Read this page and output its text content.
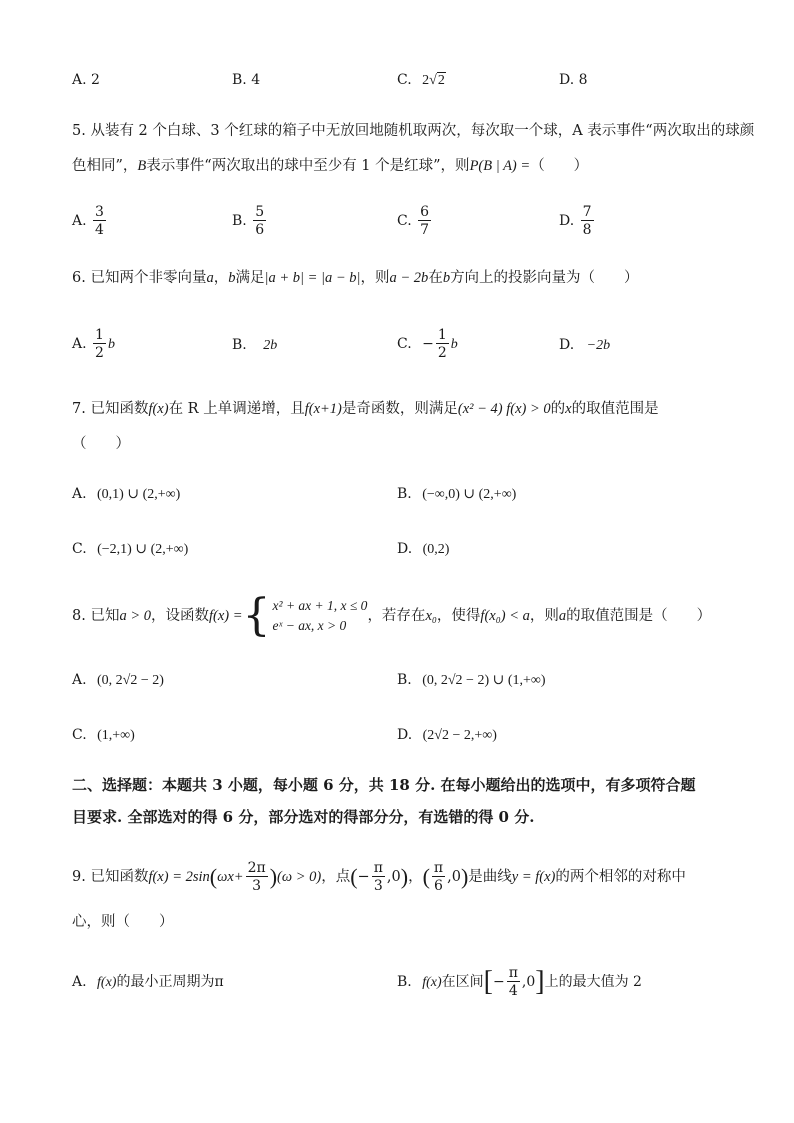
A. 2	B. 4	C. 2√2	D. 8
5. 从装有 2 个白球、3 个红球的箱子中无放回地随机取两次，每次取一个球，A 表示事件“两次取出的球颜
色相同”，B表示事件“两次取出的球中至少有 1 个是红球”，则P(B | A) =（　　）
A. $\frac{3}{4}$	B. $\frac{5}{6}$	C. $\frac{6}{7}$	D. $\frac{7}{8}$
6. 已知两个非零向量a，b满足|a + b| = |a − b|，则a − 2b在b方向上的投影向量为（　　）
A. $\frac{1}{2}$ b	B. 2b	C. − $\frac{1}{2}$ b	D. −2b
7. 已知函数f(x)在 R 上单调递增，且f(x+1)是奇函数，则满足(x² − 4) f(x) > 0的x的取值范围是
（　　）
A. (0,1) ∪ (2,+∞)	B. (−∞,0) ∪ (2,+∞)
C. (−2,1) ∪ (2,+∞)	D. (0,2)
8. 已知a > 0，设函数f(x) = { x² + ax + 1, x ≤ 0
eˣ − ax, x > 0
，若存在x₀，使得f(x₀) < a，则a的取值范围是（　　）
A. (0, 2√2 − 2)	B. (0, 2√2 − 2) ∪ (1,+∞)
C. (1,+∞)	D. (2√2 − 2,+∞)
二、选择题：本题共 3 小题，每小题 6 分，共 18 分. 在每小题给出的选项中，有多项符合题
目要求. 全部选对的得 6 分，部分选对的得部分分，有选错的得 0 分.
9. 已知函数$f(x) = 2\sin(\omega x+ \frac{2\pi}{3} )(\omega > 0)$，点(− $\frac{\pi}{3} ,0$)，( $\frac{\pi}{6} ,0$)是曲线y = f(x)的两个相邻的对称中
心，则（　　）
A. f(x)的最小正周期为π	B. f(x)在区间[− $\frac{\pi}{4} ,0$]上的最大值为 2
